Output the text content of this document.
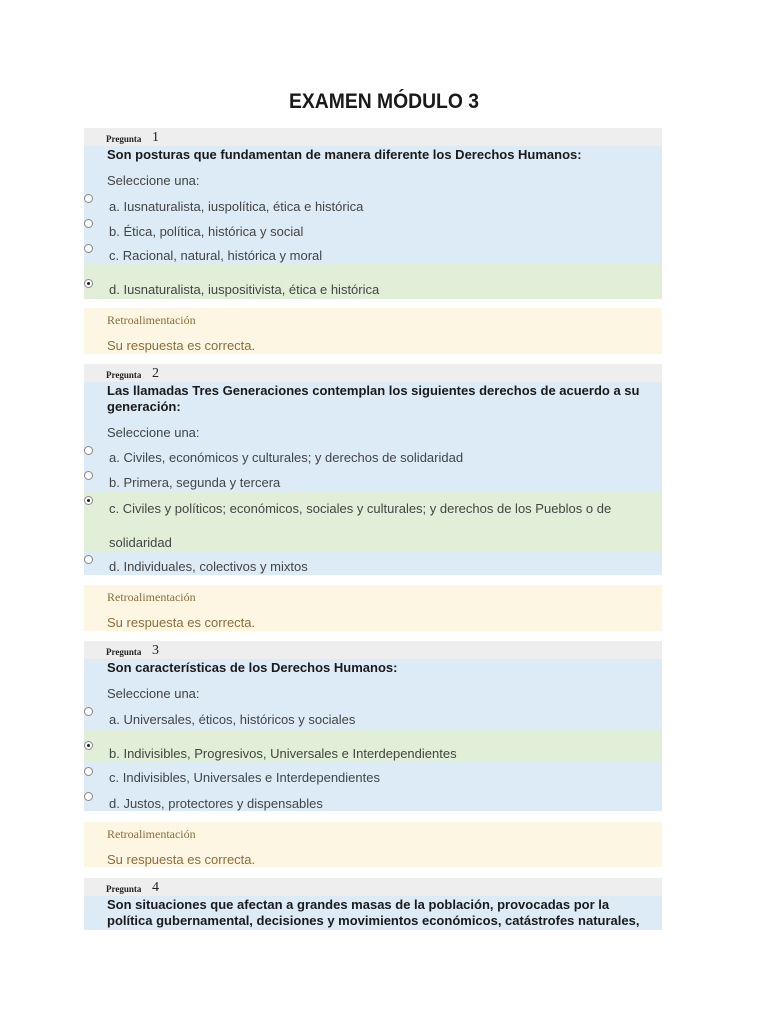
EXAMEN MÓDULO 3
Pregunta 1
Son posturas que fundamentan de manera diferente los Derechos Humanos:
Seleccione una:
a. Iusnaturalista, iuspolítica, ética e histórica
b. Ética, política, histórica y social
c. Racional, natural, histórica y moral
d. Iusnaturalista, iuspositivista, ética e histórica
Retroalimentación
Su respuesta es correcta.
Pregunta 2
Las llamadas Tres Generaciones contemplan los siguientes derechos de acuerdo a su
generación:
Seleccione una:
a. Civiles, económicos y culturales; y derechos de solidaridad
b. Primera, segunda y tercera
c. Civiles y políticos; económicos, sociales y culturales; y derechos de los Pueblos o de
solidaridad
d. Individuales, colectivos y mixtos
Retroalimentación
Su respuesta es correcta.
Pregunta 3
Son características de los Derechos Humanos:
Seleccione una:
a. Universales, éticos, históricos y sociales
b. Indivisibles, Progresivos, Universales e Interdependientes
c. Indivisibles, Universales e Interdependientes
d. Justos, protectores y dispensables
Retroalimentación
Su respuesta es correcta.
Pregunta 4
Son situaciones que afectan a grandes masas de la población, provocadas por la
política gubernamental, decisiones y movimientos económicos, catástrofes naturales,
